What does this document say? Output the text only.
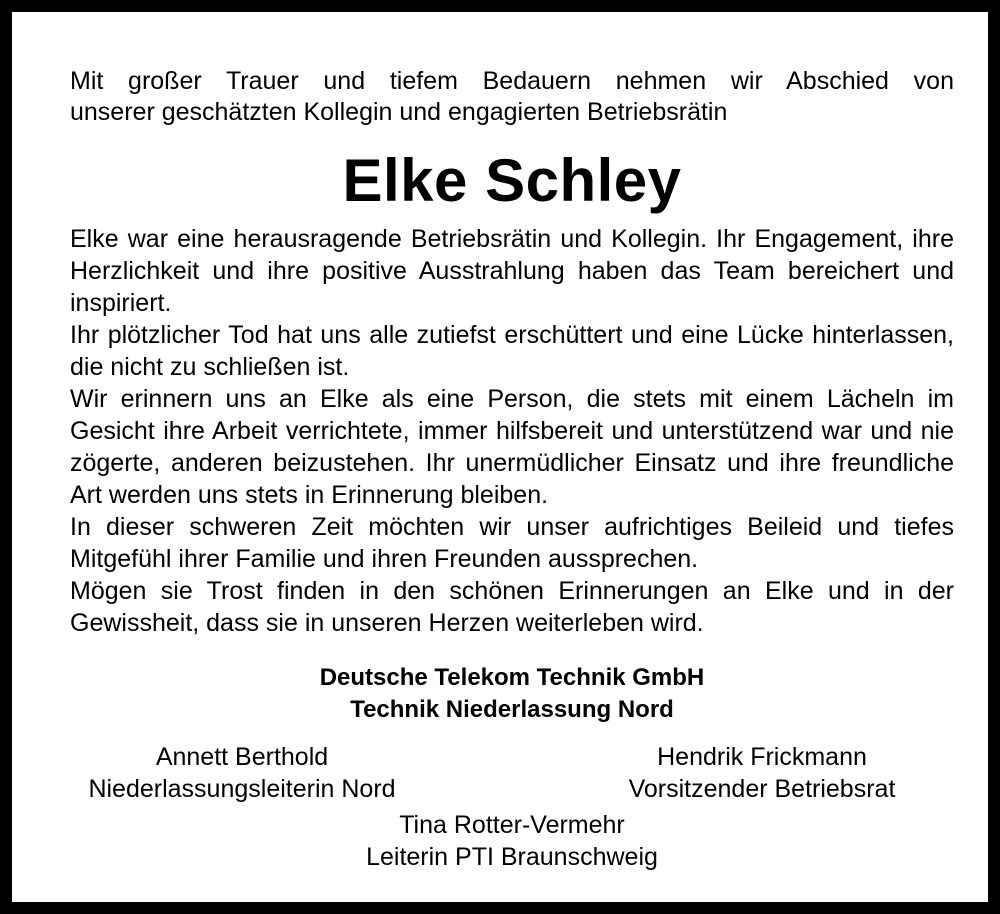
Mit großer Trauer und tiefem Bedauern nehmen wir Abschied von
unserer geschätzten Kollegin und engagierten Betriebsrätin
Elke Schley

Elke war eine herausragende Betriebsrätin und Kollegin. Ihr Engagement, ihre Herzlichkeit und ihre positive Ausstrahlung haben das Team bereichert und inspiriert.

Ihr plötzlicher Tod hat uns alle zutiefst erschüttert und eine Lücke hinterlassen, die nicht zu schließen ist.

Wir erinnern uns an Elke als eine Person, die stets mit einem Lächeln im Gesicht ihre Arbeit verrichtete, immer hilfsbereit und unterstützend war und nie zögerte, anderen beizustehen. Ihr unermüdlicher Einsatz und ihre freundliche Art werden uns stets in Erinnerung bleiben.

In dieser schweren Zeit möchten wir unser aufrichtiges Beileid und tiefes Mitgefühl ihrer Familie und ihren Freunden aussprechen.

Mögen sie Trost finden in den schönen Erinnerungen an Elke und in der Gewissheit, dass sie in unseren Herzen weiterleben wird.

Deutsche Telekom Technik GmbH
Technik Niederlassung Nord
Annett Berthold
Niederlassungsleiterin Nord
Hendrik Frickmann
Vorsitzender Betriebsrat
Tina Rotter-Vermehr
Leiterin PTI Braunschweig
